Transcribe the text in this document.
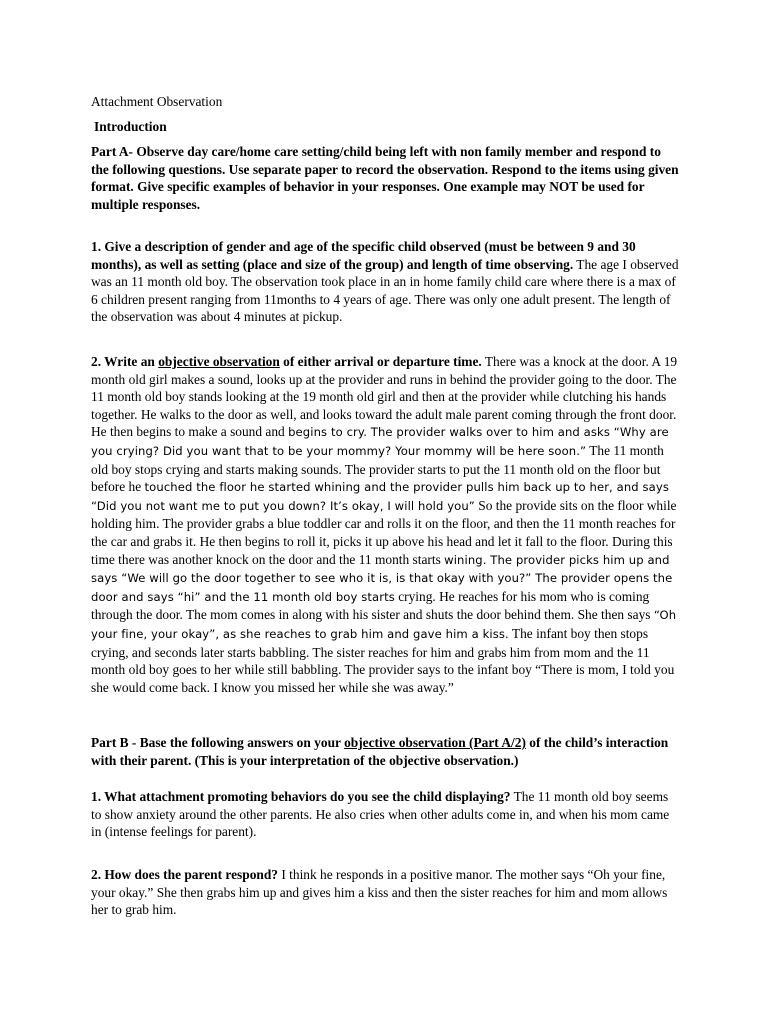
Attachment Observation

Introduction

Part A- Observe day care/home care setting/child being left with non family member and respond to the following questions. Use separate paper to record the observation. Respond to the items using given format. Give specific examples of behavior in your responses. One example may NOT be used for multiple responses.

1. Give a description of gender and age of the specific child observed (must be between 9 and 30 months), as well as setting (place and size of the group) and length of time observing. The age I observed was an 11 month old boy. The observation took place in an in home family child care where there is a max of 6 children present ranging from 11months to 4 years of age. There was only one adult present. The length of the observation was about 4 minutes at pickup.

2. Write an objective observation of either arrival or departure time. There was a knock at the door. A 19 month old girl makes a sound, looks up at the provider and runs in behind the provider going to the door. The 11 month old boy stands looking at the 19 month old girl and then at the provider while clutching his hands together. He walks to the door as well, and looks toward the adult male parent coming through the front door. He then begins to make a sound and begins to cry. The provider walks over to him and asks “Why are you crying? Did you want that to be your mommy? Your mommy will be here soon.” The 11 month old boy stops crying and starts making sounds. The provider starts to put the 11 month old on the floor but before he touched the floor he started whining and the provider pulls him back up to her, and says “Did you not want me to put you down? It’s okay, I will hold you” So the provide sits on the floor while holding him. The provider grabs a blue toddler car and rolls it on the floor, and then the 11 month reaches for the car and grabs it. He then begins to roll it, picks it up above his head and let it fall to the floor. During this time there was another knock on the door and the 11 month starts wining. The provider picks him up and says “We will go the door together to see who it is, is that okay with you?” The provider opens the door and says “hi” and the 11 month old boy starts crying. He reaches for his mom who is coming through the door. The mom comes in along with his sister and shuts the door behind them. She then says “Oh your fine, your okay”, as she reaches to grab him and gave him a kiss. The infant boy then stops crying, and seconds later starts babbling. The sister reaches for him and grabs him from mom and the 11 month old boy goes to her while still babbling. The provider says to the infant boy “There is mom, I told you she would come back. I know you missed her while she was away.”

Part B - Base the following answers on your objective observation (Part A/2) of the child’s interaction with their parent. (This is your interpretation of the objective observation.)

1. What attachment promoting behaviors do you see the child displaying? The 11 month old boy seems to show anxiety around the other parents. He also cries when other adults come in, and when his mom came in (intense feelings for parent).

2. How does the parent respond? I think he responds in a positive manor. The mother says “Oh your fine, your okay.” She then grabs him up and gives him a kiss and then the sister reaches for him and mom allows her to grab him.
